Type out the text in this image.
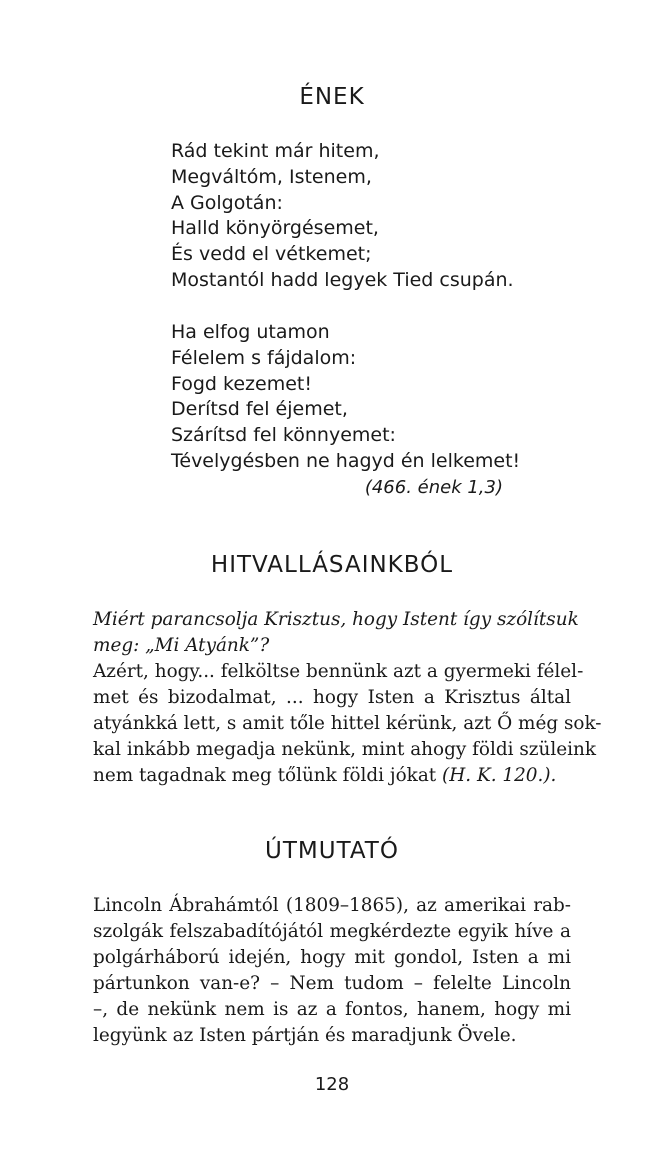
ÉNEK
Rád tekint már hitem,
Megváltóm, Istenem,
A Golgotán:
Halld könyörgésemet,
És vedd el vétkemet;
Mostantól hadd legyek Tied csupán.
Ha elfog utamon
Félelem s fájdalom:
Fogd kezemet!
Derítsd fel éjemet,
Szárítsd fel könnyemet:
Tévelygésben ne hagyd én lelkemet!
(466. ének 1,3)
HITVALLÁSAINKBÓL
Miért parancsolja Krisztus, hogy Istent így szólítsuk
meg: „Mi Atyánk”?
Azért, hogy... felköltse bennünk azt a gyermeki félel-
met és bizodalmat, ... hogy Isten a Krisztus által
atyánkká lett, s amit tőle hittel kérünk, azt Ő még sok-
kal inkább megadja nekünk, mint ahogy földi szüleink
nem tagadnak meg tőlünk földi jókat (H. K. 120.).
ÚTMUTATÓ
Lincoln Ábrahámtól (1809–1865), az amerikai rab-
szolgák felszabadítójától megkérdezte egyik híve a
polgárháború idején, hogy mit gondol, Isten a mi
pártunkon van-e? – Nem tudom – felelte Lincoln
–, de nekünk nem is az a fontos, hanem, hogy mi
legyünk az Isten pártján és maradjunk Övele.
128
